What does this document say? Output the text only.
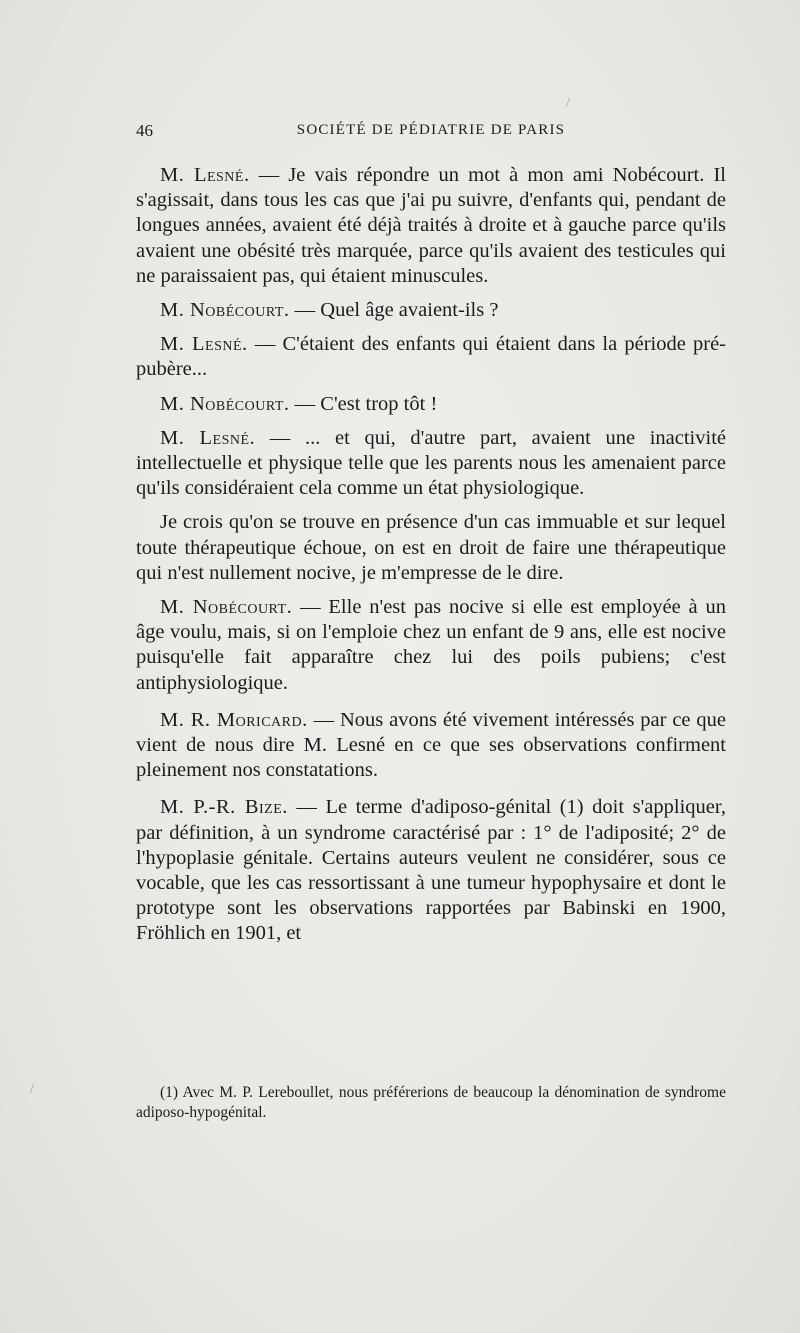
/
/
46	SOCIÉTÉ DE PÉDIATRIE DE PARIS

M. Lesné. — Je vais répondre un mot à mon ami Nobécourt. Il s'agissait, dans tous les cas que j'ai pu suivre, d'enfants qui, pendant de longues années, avaient été déjà traités à droite et à gauche parce qu'ils avaient une obésité très marquée, parce qu'ils avaient des testicules qui ne paraissaient pas, qui étaient minuscules.

M. Nobécourt. — Quel âge avaient-ils ?

M. Lesné. — C'étaient des enfants qui étaient dans la période pré-pubère...

M. Nobécourt. — C'est trop tôt !

M. Lesné. — ... et qui, d'autre part, avaient une inactivité intellectuelle et physique telle que les parents nous les amenaient parce qu'ils considéraient cela comme un état physiologique.

Je crois qu'on se trouve en présence d'un cas immuable et sur lequel toute thérapeutique échoue, on est en droit de faire une thérapeutique qui n'est nullement nocive, je m'empresse de le dire.

M. Nobécourt. — Elle n'est pas nocive si elle est employée à un âge voulu, mais, si on l'emploie chez un enfant de 9 ans, elle est nocive puisqu'elle fait apparaître chez lui des poils pubiens; c'est antiphysiologique.

M. R. Moricard. — Nous avons été vivement intéressés par ce que vient de nous dire M. Lesné en ce que ses observations confirment pleinement nos constatations.

M. P.-R. Bize. — Le terme d'adiposo-génital (1) doit s'appliquer, par définition, à un syndrome caractérisé par : 1° de l'adiposité; 2° de l'hypoplasie génitale. Certains auteurs veulent ne considérer, sous ce vocable, que les cas ressortissant à une tumeur hypophysaire et dont le prototype sont les observations rapportées par Babinski en 1900, Fröhlich en 1901, et

(1) Avec M. P. Lereboullet, nous préférerions de beaucoup la dénomination de syndrome adiposo-hypogénital.
